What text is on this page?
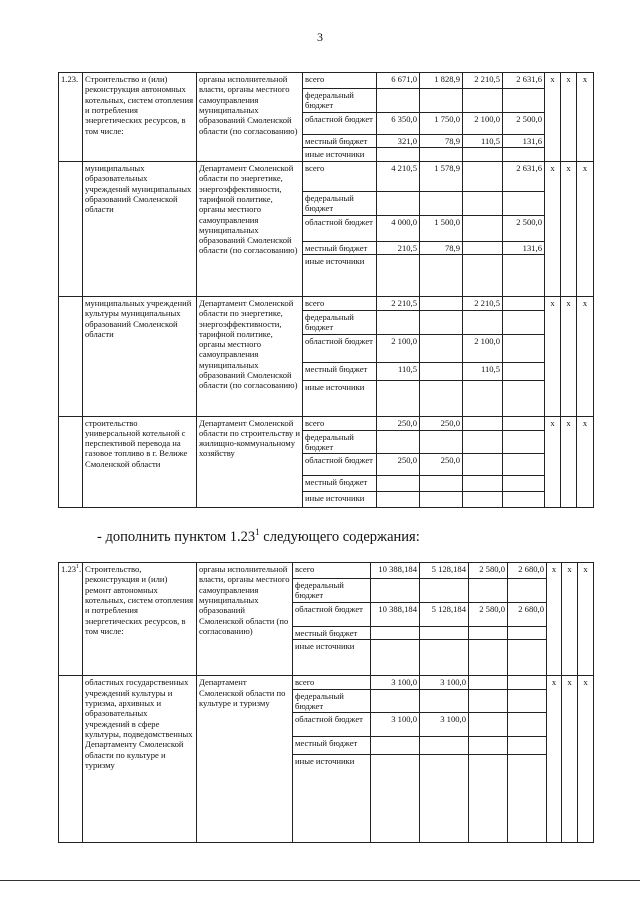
3
1.23.	Строительство и (или) реконструкция автономных котельных, систем отопления и потребления энергетических ресурсов, в том числе:	органы исполнительной власти, органы местного самоуправления муниципальных образований Смоленской области (по согласованию)	всего	6 671,0	1 828,9	2 210,5	2 631,6	x	x	x
			федеральный бюджет							
			областной бюджет	6 350,0	1 750,0	2 100,0	2 500,0			
			местный бюджет	321,0	78,9	110,5	131,6			
			иные источники							
	муниципальных образовательных учреждений муниципальных образований Смоленской области	Департамент Смоленской области по энергетике, энергоэффективности, тарифной политике, органы местного самоуправления муниципальных образований Смоленской области (по согласованию)	всего	4 210,5	1 578,9		2 631,6	x	x	x
			федеральный бюджет							
			областной бюджет	4 000,0	1 500,0		2 500,0			
			местный бюджет	210,5	78,9		131,6			
			иные источники							
	муниципальных учреждений культуры муниципальных образований Смоленской области	Департамент Смоленской области по энергетике, энергоэффективности, тарифной политике, органы местного самоуправления муниципальных образований Смоленской области (по согласованию)	всего	2 210,5		2 210,5		x	x	x
			федеральный бюджет							
			областной бюджет	2 100,0		2 100,0				
			местный бюджет	110,5		110,5				
			иные источники							
	строительство универсальной котельной с перспективой перевода на газовое топливо в г. Велиже Смоленской области	Департамент Смоленской области по строительству и жилищно-коммунальному хозяйству	всего	250,0	250,0			x	x	x
			федеральный бюджет							
			областной бюджет	250,0	250,0					
			местный бюджет							
			иные источники							
- дополнить пунктом 1.23$^1$ следующего содержания:
1.23$^1$.	Строительство, реконструкция и (или) ремонт автономных котельных, систем отопления и потребления энергетических ресурсов, в том числе:	органы исполнительной власти, органы местного самоуправления муниципальных образований Смоленской области (по согласованию)	всего	10 388,184	5 128,184	2 580,0	2 680,0	x	x	x
			федеральный бюджет							
			областной бюджет	10 388,184	5 128,184	2 580,0	2 680,0			
			местный бюджет							
			иные источники							
	областных государственных учреждений культуры и туризма, архивных и образовательных учреждений в сфере культуры, подведомственных Департаменту Смоленской области по культуре и туризму	Департамент Смоленской области по культуре и туризму	всего	3 100,0	3 100,0			x	x	x
			федеральный бюджет							
			областной бюджет	3 100,0	3 100,0					
			местный бюджет							
			иные источники							
